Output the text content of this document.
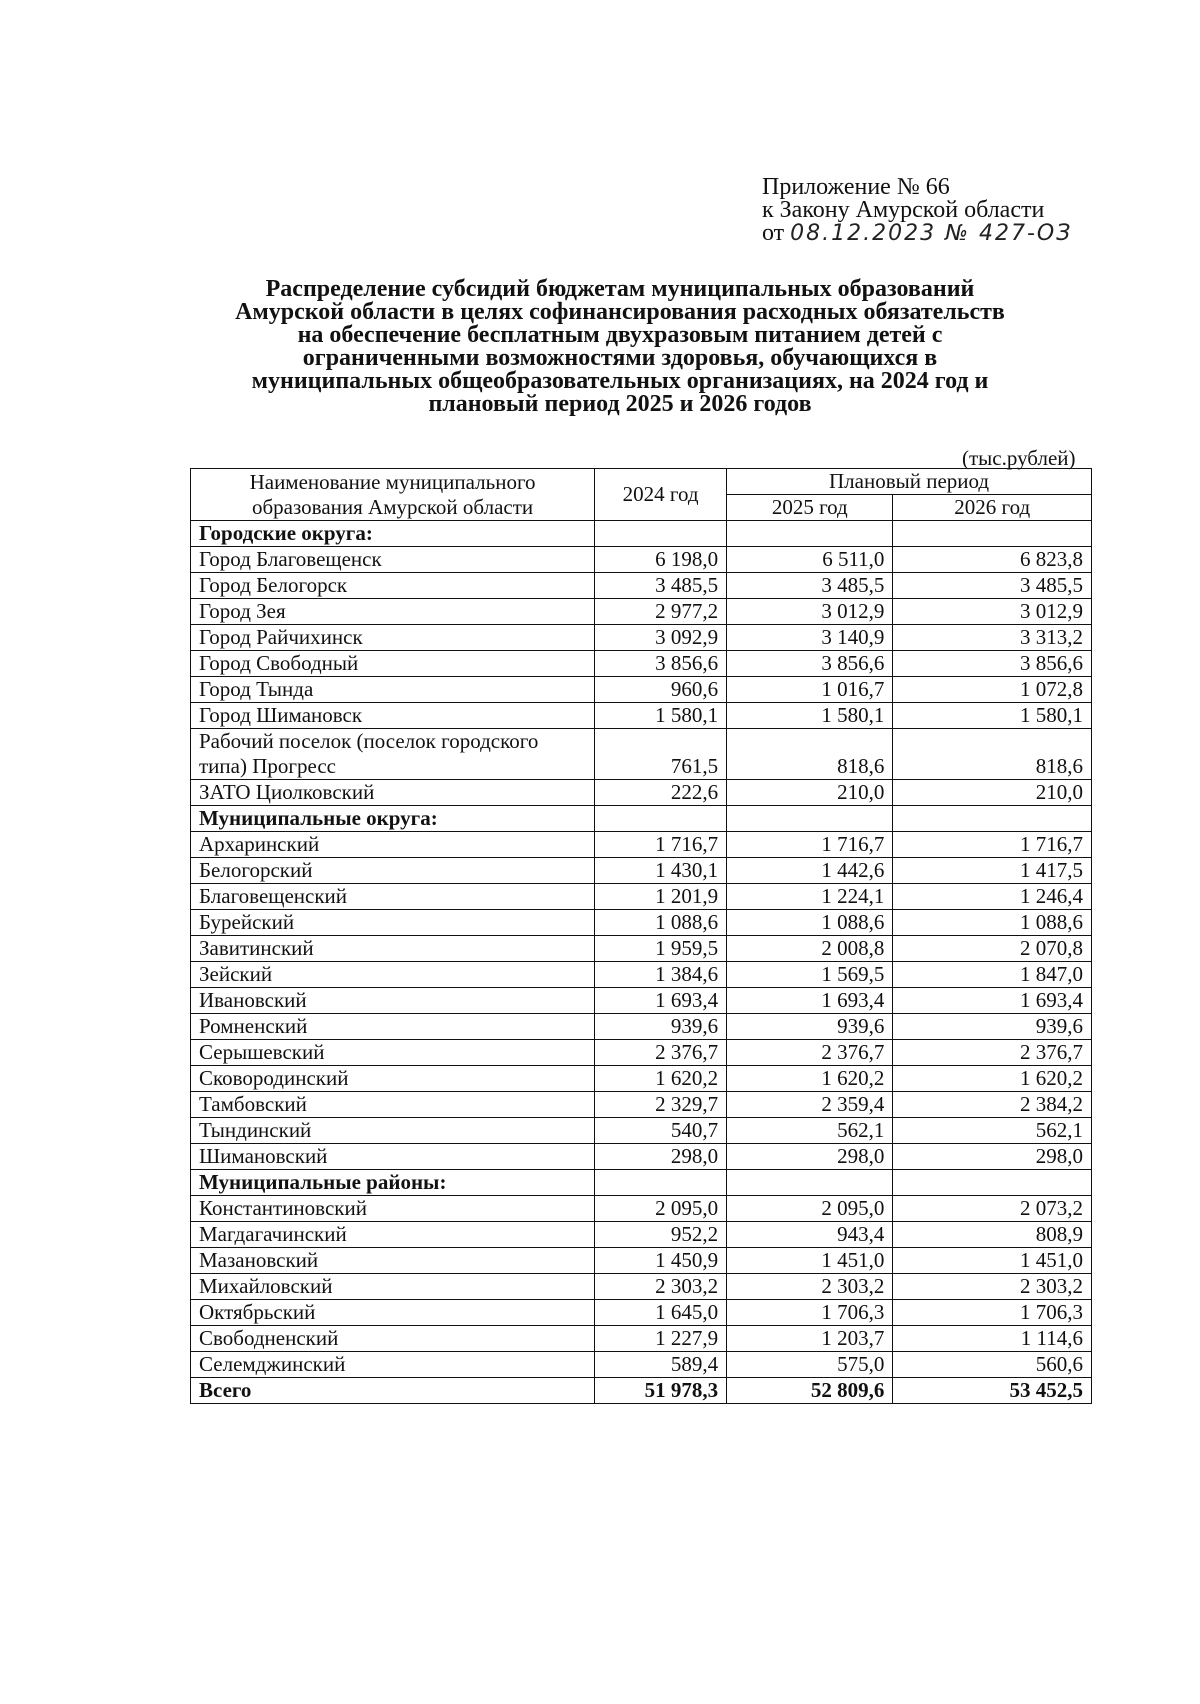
Приложение № 66
к Закону Амурской области
от 08.12.2023 № 427-ОЗ
Распределение субсидий бюджетам муниципальных образований
Амурской области в целях софинансирования расходных обязательств
на обеспечение бесплатным двухразовым питанием детей с
ограниченными возможностями здоровья, обучающихся в
муниципальных общеобразовательных организациях, на 2024 год и
плановый период 2025 и 2026 годов
(тыс.рублей)
Наименование муниципального образования Амурской области	2024 год	Плановый период	
		2025 год	2026 год
Городские округа:			
Город Благовещенск	6 198,0	6 511,0	6 823,8
Город Белогорск	3 485,5	3 485,5	3 485,5
Город Зея	2 977,2	3 012,9	3 012,9
Город Райчихинск	3 092,9	3 140,9	3 313,2
Город Свободный	3 856,6	3 856,6	3 856,6
Город Тында	960,6	1 016,7	1 072,8
Город Шимановск	1 580,1	1 580,1	1 580,1
Рабочий поселок (поселок городского типа) Прогресс	761,5	818,6	818,6
ЗАТО Циолковский	222,6	210,0	210,0
Муниципальные округа:			
Архаринский	1 716,7	1 716,7	1 716,7
Белогорский	1 430,1	1 442,6	1 417,5
Благовещенский	1 201,9	1 224,1	1 246,4
Бурейский	1 088,6	1 088,6	1 088,6
Завитинский	1 959,5	2 008,8	2 070,8
Зейский	1 384,6	1 569,5	1 847,0
Ивановский	1 693,4	1 693,4	1 693,4
Ромненский	939,6	939,6	939,6
Серышевский	2 376,7	2 376,7	2 376,7
Сковородинский	1 620,2	1 620,2	1 620,2
Тамбовский	2 329,7	2 359,4	2 384,2
Тындинский	540,7	562,1	562,1
Шимановский	298,0	298,0	298,0
Муниципальные районы:			
Константиновский	2 095,0	2 095,0	2 073,2
Магдагачинский	952,2	943,4	808,9
Мазановский	1 450,9	1 451,0	1 451,0
Михайловский	2 303,2	2 303,2	2 303,2
Октябрьский	1 645,0	1 706,3	1 706,3
Свободненский	1 227,9	1 203,7	1 114,6
Селемджинский	589,4	575,0	560,6
Всего	51 978,3	52 809,6	53 452,5
